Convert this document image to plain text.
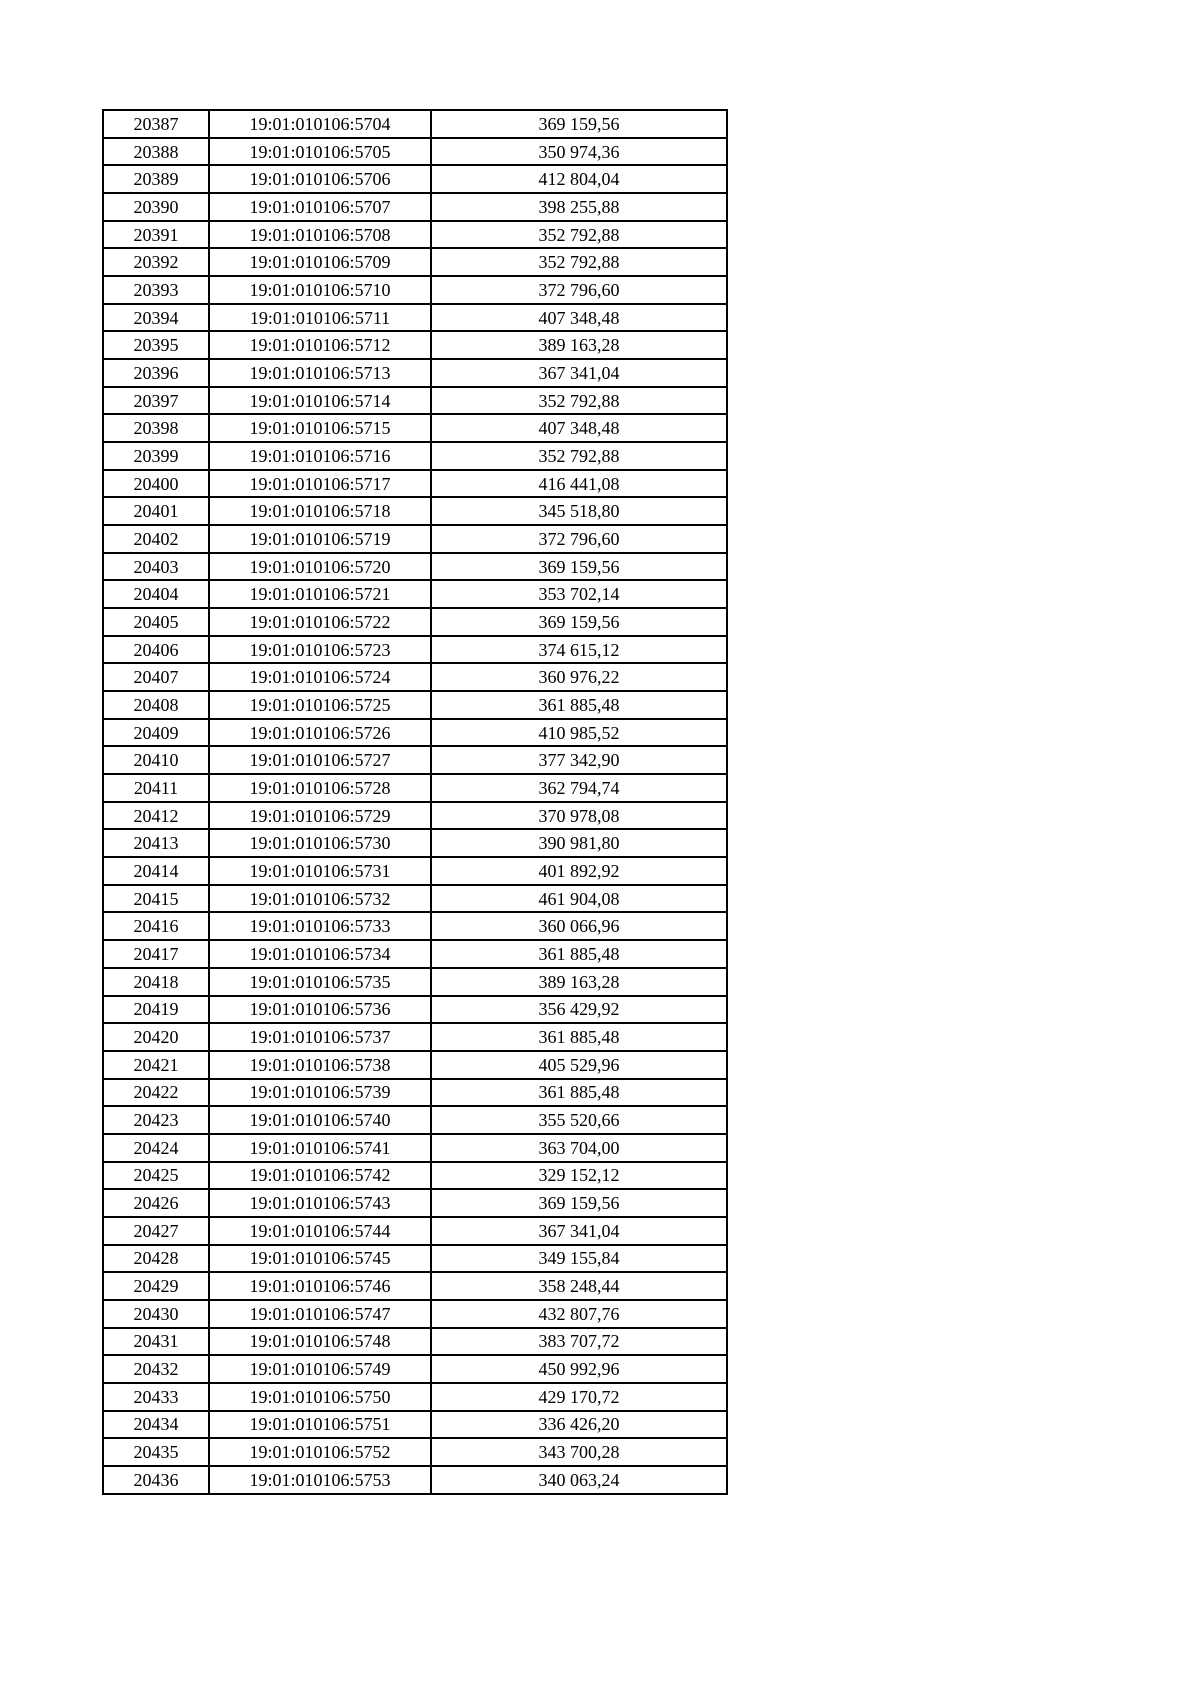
20387	19:01:010106:5704	369 159,56
20388	19:01:010106:5705	350 974,36
20389	19:01:010106:5706	412 804,04
20390	19:01:010106:5707	398 255,88
20391	19:01:010106:5708	352 792,88
20392	19:01:010106:5709	352 792,88
20393	19:01:010106:5710	372 796,60
20394	19:01:010106:5711	407 348,48
20395	19:01:010106:5712	389 163,28
20396	19:01:010106:5713	367 341,04
20397	19:01:010106:5714	352 792,88
20398	19:01:010106:5715	407 348,48
20399	19:01:010106:5716	352 792,88
20400	19:01:010106:5717	416 441,08
20401	19:01:010106:5718	345 518,80
20402	19:01:010106:5719	372 796,60
20403	19:01:010106:5720	369 159,56
20404	19:01:010106:5721	353 702,14
20405	19:01:010106:5722	369 159,56
20406	19:01:010106:5723	374 615,12
20407	19:01:010106:5724	360 976,22
20408	19:01:010106:5725	361 885,48
20409	19:01:010106:5726	410 985,52
20410	19:01:010106:5727	377 342,90
20411	19:01:010106:5728	362 794,74
20412	19:01:010106:5729	370 978,08
20413	19:01:010106:5730	390 981,80
20414	19:01:010106:5731	401 892,92
20415	19:01:010106:5732	461 904,08
20416	19:01:010106:5733	360 066,96
20417	19:01:010106:5734	361 885,48
20418	19:01:010106:5735	389 163,28
20419	19:01:010106:5736	356 429,92
20420	19:01:010106:5737	361 885,48
20421	19:01:010106:5738	405 529,96
20422	19:01:010106:5739	361 885,48
20423	19:01:010106:5740	355 520,66
20424	19:01:010106:5741	363 704,00
20425	19:01:010106:5742	329 152,12
20426	19:01:010106:5743	369 159,56
20427	19:01:010106:5744	367 341,04
20428	19:01:010106:5745	349 155,84
20429	19:01:010106:5746	358 248,44
20430	19:01:010106:5747	432 807,76
20431	19:01:010106:5748	383 707,72
20432	19:01:010106:5749	450 992,96
20433	19:01:010106:5750	429 170,72
20434	19:01:010106:5751	336 426,20
20435	19:01:010106:5752	343 700,28
20436	19:01:010106:5753	340 063,24
